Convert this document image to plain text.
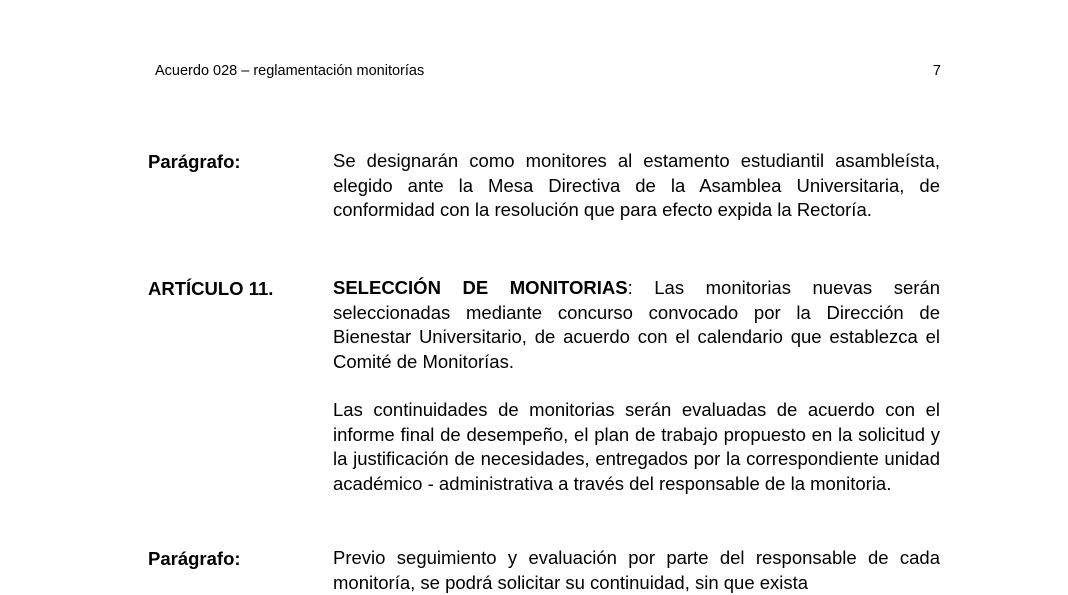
Acuerdo 028 – reglamentación monitorías	7
Parágrafo:	Se designarán como monitores al estamento estudiantil asambleísta, elegido ante la Mesa Directiva de la Asamblea Universitaria, de conformidad con la resolución que para efecto expida la Rectoría.

ARTÍCULO 11.	SELECCIÓN DE MONITORIAS: Las monitorias nuevas serán seleccionadas mediante concurso convocado por la Dirección de Bienestar Universitario, de acuerdo con el calendario que establezca el Comité de Monitorías.

Las continuidades de monitorias serán evaluadas de acuerdo con el informe final de desempeño, el plan de trabajo propuesto en la solicitud y la justificación de necesidades, entregados por la correspondiente unidad académico - administrativa a través del responsable de la monitoria.

Parágrafo:	Previo seguimiento y evaluación por parte del responsable de cada monitoría, se podrá solicitar su continuidad, sin que exista
